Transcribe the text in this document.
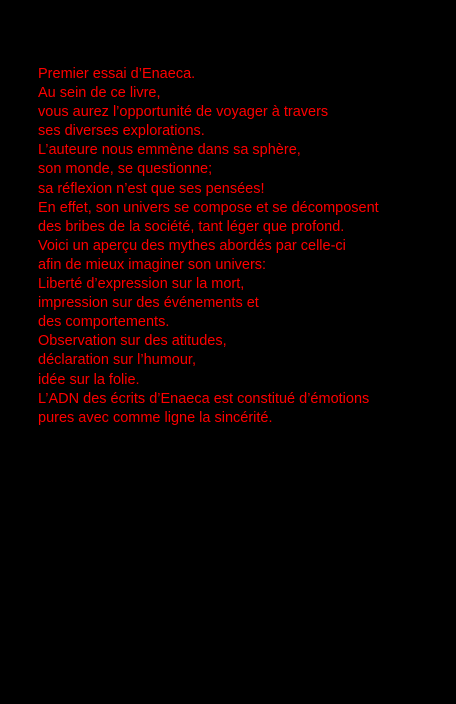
Premier essai d’Enaeca.
Au sein de ce livre,
vous aurez l’opportunité de voyager à travers
ses diverses explorations.
L’auteure nous emmène dans sa sphère,
son monde, se questionne;
sa réflexion n’est que ses pensées!
En effet, son univers se compose et se décomposent
des bribes de la société, tant léger que profond.
Voici un aperçu des mythes abordés par celle-ci
afin de mieux imaginer son univers:
Liberté d’expression sur la mort,
impression sur des événements et
des comportements.
Observation sur des atitudes,
déclaration sur l’humour,
idée sur la folie.
L’ADN des écrits d’Enaeca est constitué d’émotions
pures avec comme ligne la sincérité.
